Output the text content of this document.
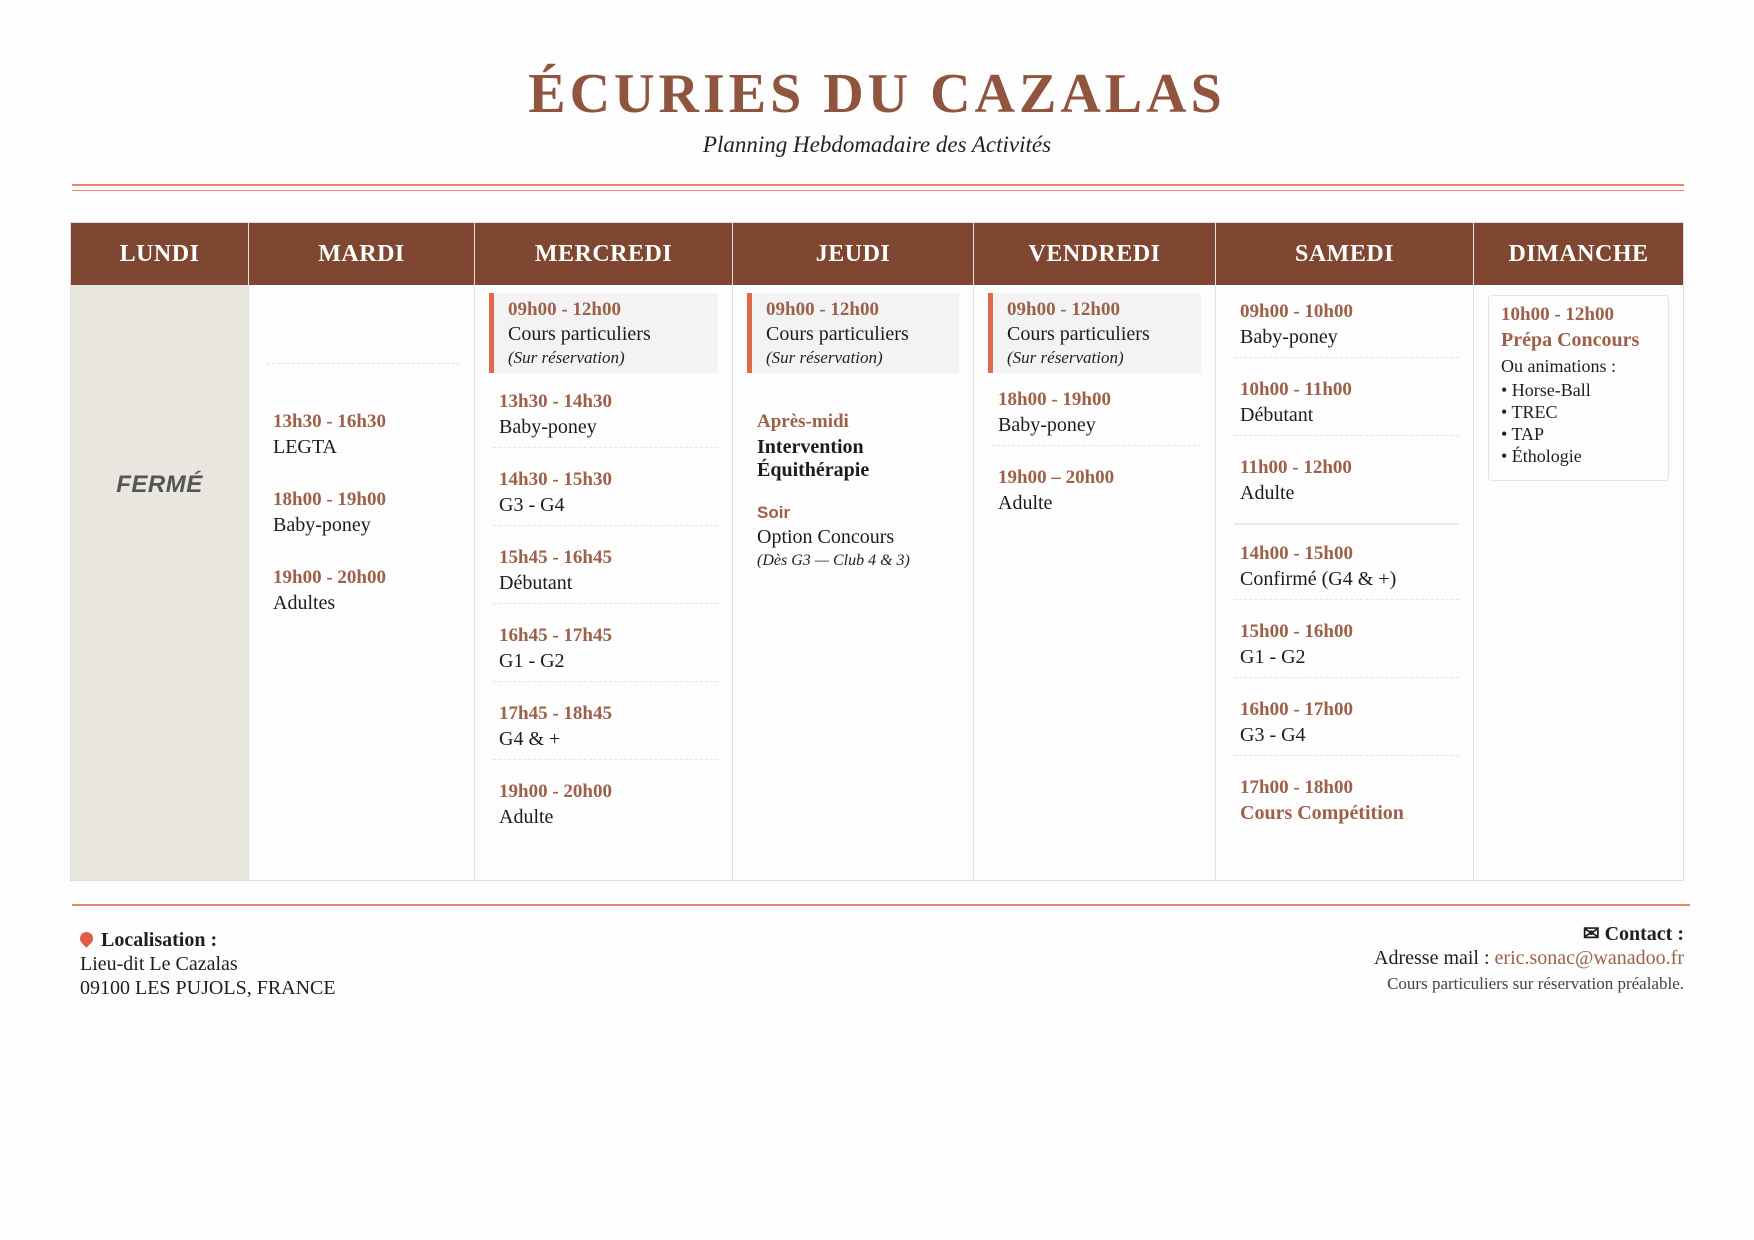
ÉCURIES DU CAZALAS
Planning Hebdomadaire des Activités
LUNDI
FERMÉ
MARDI
13h30 - 16h30
LEGTA
18h00 - 19h00
Baby-poney
19h00 - 20h00
Adultes
MERCREDI
09h00 - 12h00
Cours particuliers
(Sur réservation)
13h30 - 14h30
Baby-poney
14h30 - 15h30
G3 - G4
15h45 - 16h45
Débutant
16h45 - 17h45
G1 - G2
17h45 - 18h45
G4 & +
19h00 - 20h00
Adulte
JEUDI
09h00 - 12h00
Cours particuliers
(Sur réservation)
Après-midi
Intervention
Équithérapie
Soir
Option Concours
(Dès G3 — Club 4 & 3)
VENDREDI
09h00 - 12h00
Cours particuliers
(Sur réservation)
18h00 - 19h00
Baby-poney
19h00 – 20h00
Adulte
SAMEDI
09h00 - 10h00
Baby-poney
10h00 - 11h00
Débutant
11h00 - 12h00
Adulte
14h00 - 15h00
Confirmé (G4 & +)
15h00 - 16h00
G1 - G2
16h00 - 17h00
G3 - G4
17h00 - 18h00
Cours Compétition
DIMANCHE
10h00 - 12h00
Prépa Concours
Ou animations :
• Horse-Ball
• TREC
• TAP
• Éthologie
Localisation :
Lieu-dit Le Cazalas
09100 LES PUJOLS, FRANCE
✉ Contact :
Adresse mail : eric.sonac@wanadoo.fr
Cours particuliers sur réservation préalable.
